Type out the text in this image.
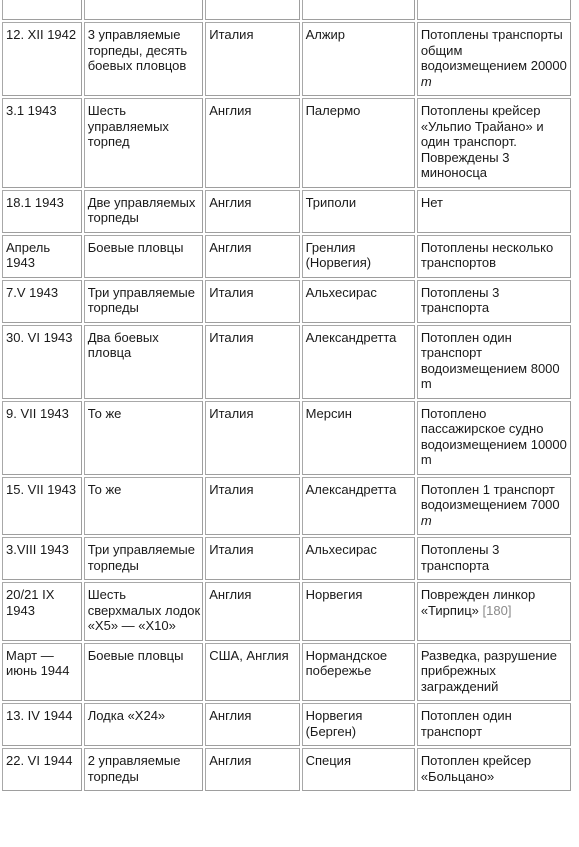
12. XII 1942	3 управляемые торпеды, десять боевых пловцов	Италия	Алжир	Потоплены транспорты общим водоизмещением 20000 т
3.1 1943	Шесть управляемых торпед	Англия	Палермо	Потоплены крейсер «Ульпио Трайано» и один транспорт. Повреждены 3 миноносца
18.1 1943	Две управляемых торпеды	Англия	Триполи	Нет
Апрель 1943	Боевые пловцы	Англия	Гренлия (Норвегия)	Потоплены несколько транспортов
7.V 1943	Три управляемые торпеды	Италия	Альхесирас	Потоплены 3 транспорта
30. VI 1943	Два боевых пловца	Италия	Александретта	Потоплен один транспорт водоизмещением 8000 m
9. VII 1943	То же	Италия	Мерсин	Потоплено пассажирское судно водоизмещением 10000 m
15. VII 1943	То же	Италия	Александретта	Потоплен 1 транспорт водоизмещением 7000 m
3.VIII 1943	Три управляемые торпеды	Италия	Альхесирас	Потоплены 3 транспорта
20/21 IX 1943	Шесть сверхмалых лодок «Х5» — «Х10»	Англия	Норвегия	Поврежден линкор «Тирпиц» [180]
Март — июнь 1944	Боевые пловцы	США, Англия	Нормандское побережье	Разведка, разрушение прибрежных заграждений
13. IV 1944	Лодка «Х24»	Англия	Норвегия (Берген)	Потоплен один транспорт
22. VI 1944	2 управляемые торпеды	Англия	Специя	Потоплен крейсер «Больцано»
